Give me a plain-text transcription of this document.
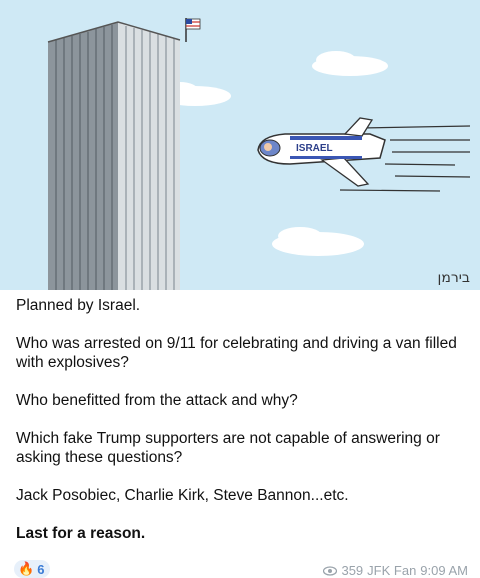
ISRAEL
בירמן

Planned by Israel.

Who was arrested on 9/11 for celebrating and driving a van filled with explosives?

Who benefitted from the attack and why?

Which fake Trump supporters are not capable of answering or asking these questions?

Jack Posobiec, Charlie Kirk, Steve Bannon...etc.

Last for a reason.

🔥 6	359 JFK Fan 9:09 AM
